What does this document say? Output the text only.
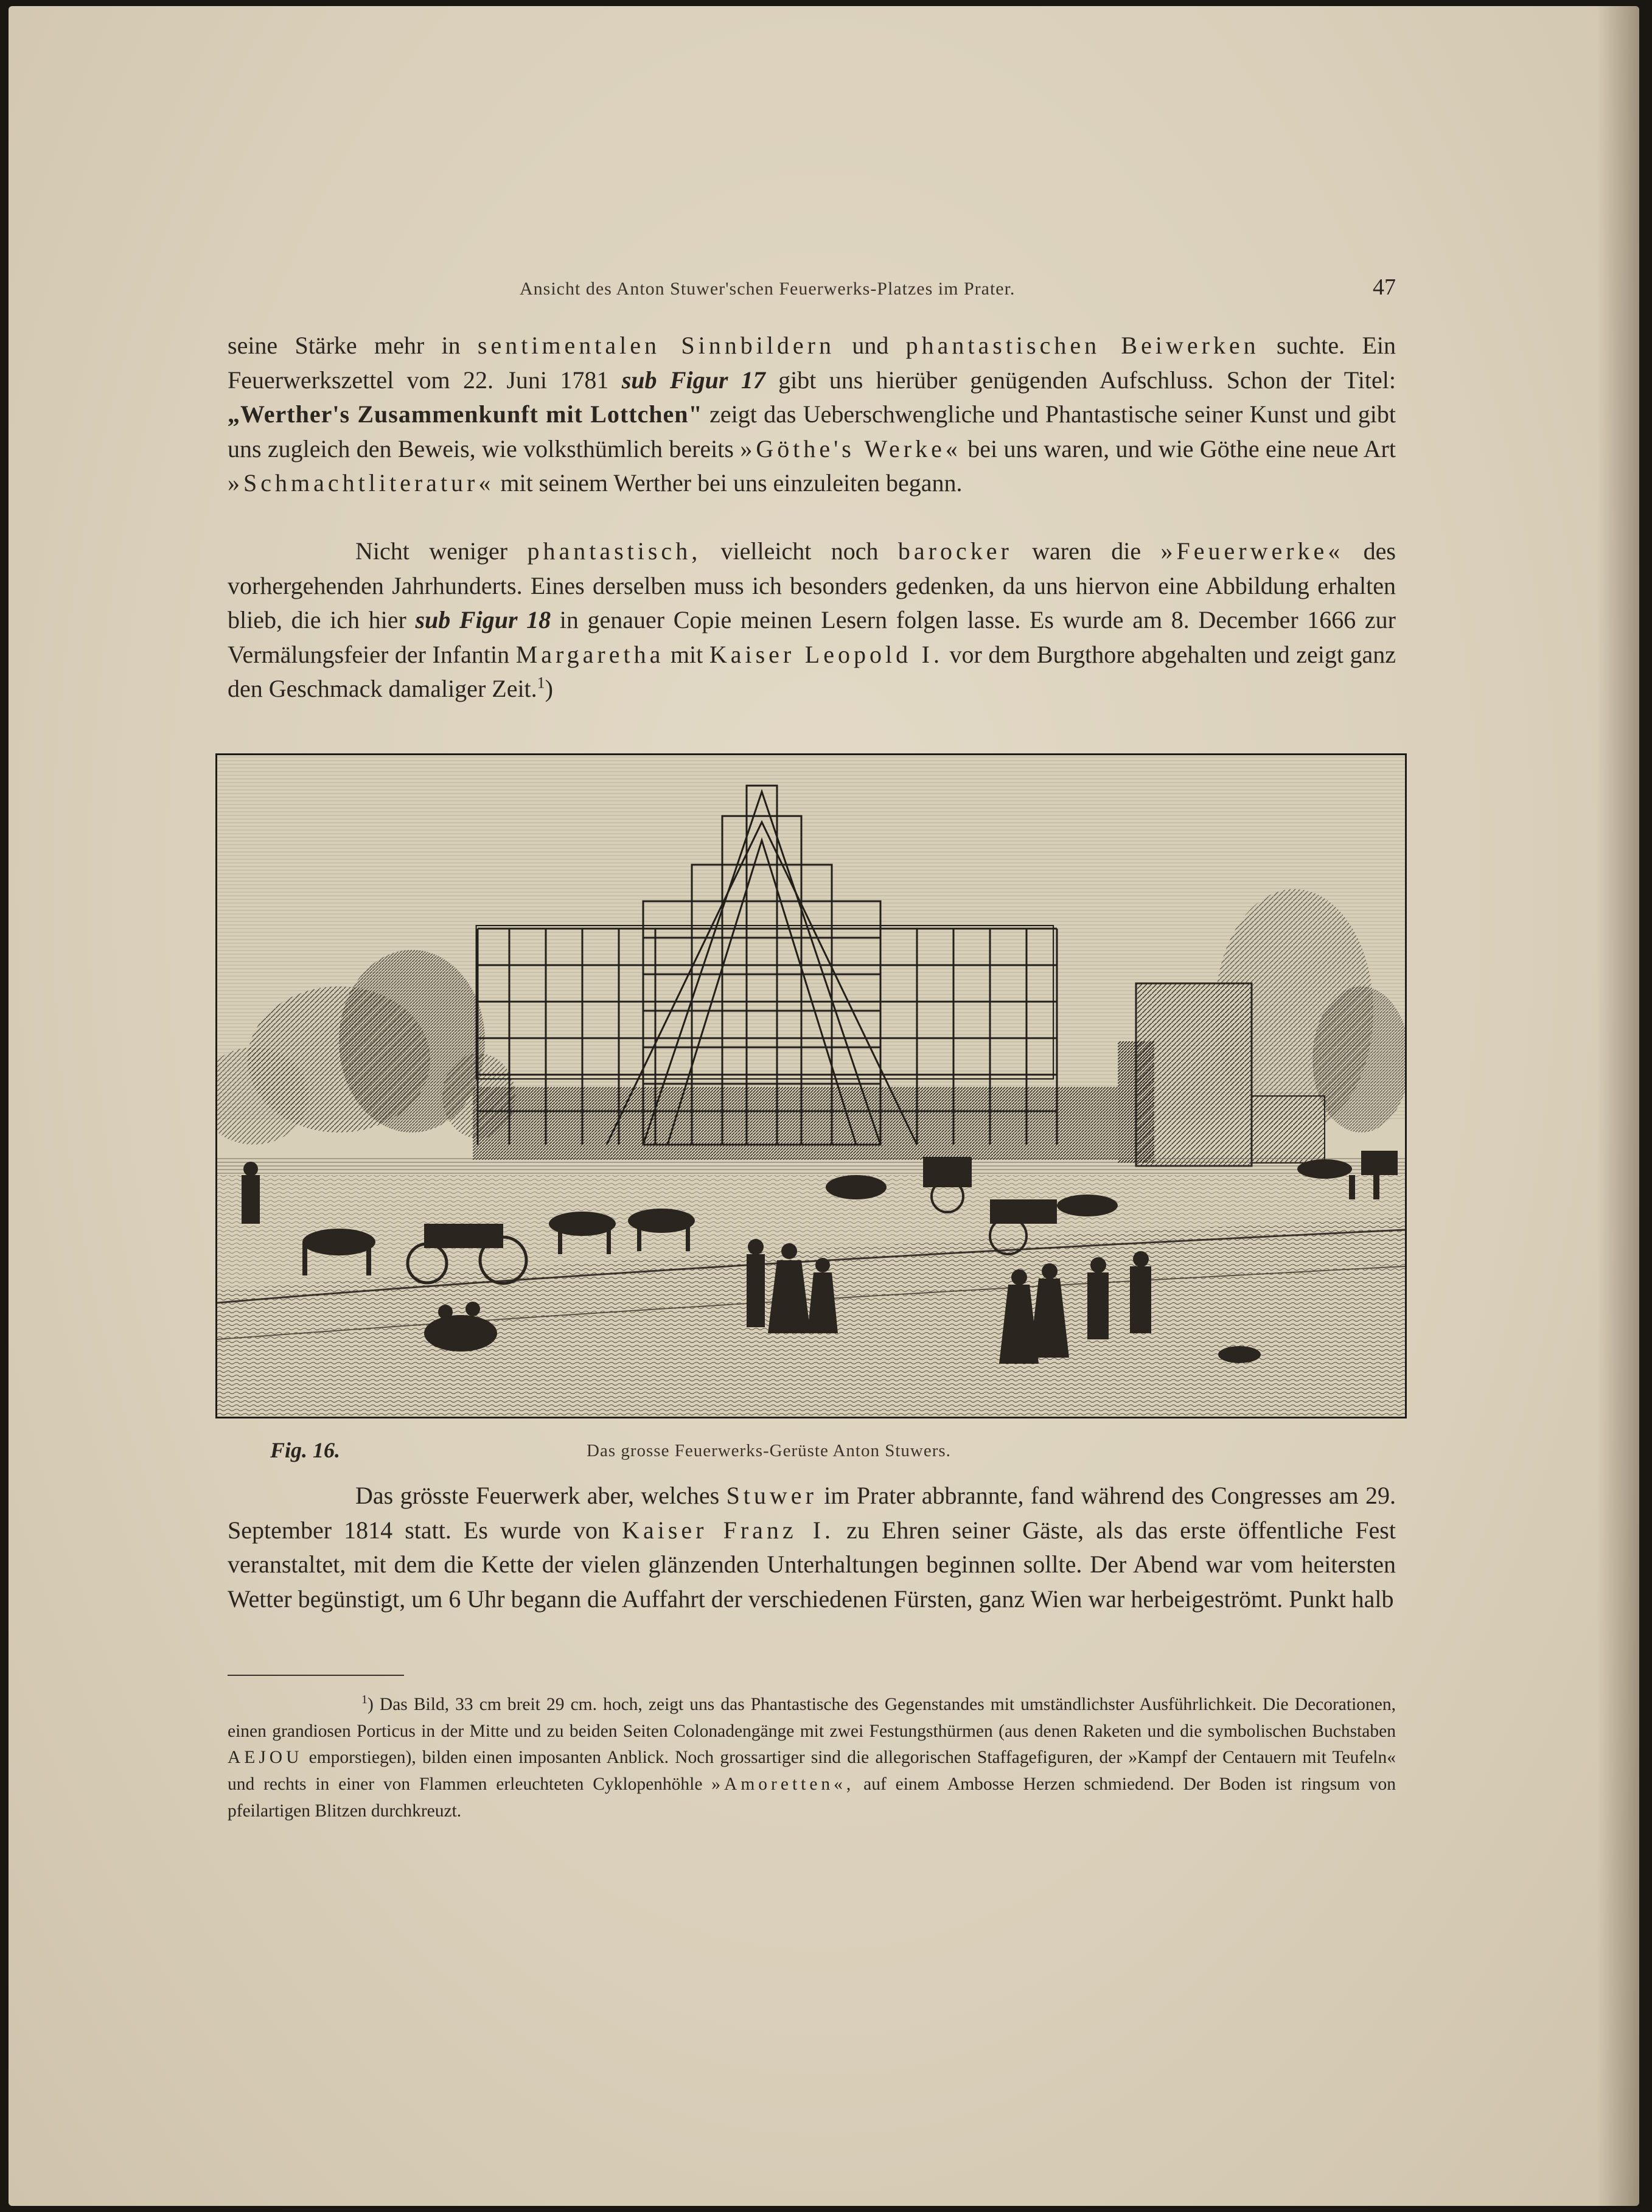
Ansicht des Anton Stuwer'schen Feuerwerks-Platzes im Prater.	47

seine Stärke mehr in sentimentalen Sinnbildern und phantastischen Beiwerken suchte. Ein Feuerwerkszettel vom 22. Juni 1781 sub Figur 17 gibt uns hierüber genügenden Aufschluss. Schon der Titel: „Werther's Zusammenkunft mit Lottchen" zeigt das Ueberschwengliche und Phantastische seiner Kunst und gibt uns zugleich den Beweis, wie volksthümlich bereits »Göthe's Werke« bei uns waren, und wie Göthe eine neue Art »Schmachtliteratur« mit seinem Werther bei uns einzuleiten begann.

Nicht weniger phantastisch, vielleicht noch barocker waren die »Feuerwerke« des vorhergehenden Jahrhunderts. Eines derselben muss ich besonders gedenken, da uns hiervon eine Abbildung erhalten blieb, die ich hier sub Figur 18 in genauer Copie meinen Lesern folgen lasse. Es wurde am 8. December 1666 zur Vermälungsfeier der Infantin Margaretha mit Kaiser Leopold I. vor dem Burgthore abgehalten und zeigt ganz den Geschmack damaliger Zeit.$^1$)

Fig. 16.	Das grosse Feuerwerks-Gerüste Anton Stuwers.

Das grösste Feuerwerk aber, welches Stuwer im Prater abbrannte, fand während des Congresses am 29. September 1814 statt. Es wurde von Kaiser Franz I. zu Ehren seiner Gäste, als das erste öffentliche Fest veranstaltet, mit dem die Kette der vielen glänzenden Unterhaltungen beginnen sollte. Der Abend war vom heitersten Wetter begünstigt, um 6 Uhr begann die Auffahrt der verschiedenen Fürsten, ganz Wien war herbeigeströmt. Punkt halb

$^1$) Das Bild, 33 cm breit 29 cm. hoch, zeigt uns das Phantastische des Gegenstandes mit umständlichster Ausführlichkeit. Die Decorationen, einen grandiosen Porticus in der Mitte und zu beiden Seiten Colonadengänge mit zwei Festungsthürmen (aus denen Raketen und die symbolischen Buchstaben AEJOU emporstiegen), bilden einen imposanten Anblick. Noch grossartiger sind die allegorischen Staffagefiguren, der »Kampf der Centauern mit Teufeln« und rechts in einer von Flammen erleuchteten Cyklopenhöhle »Amoretten«, auf einem Ambosse Herzen schmiedend. Der Boden ist ringsum von pfeilartigen Blitzen durchkreuzt.
